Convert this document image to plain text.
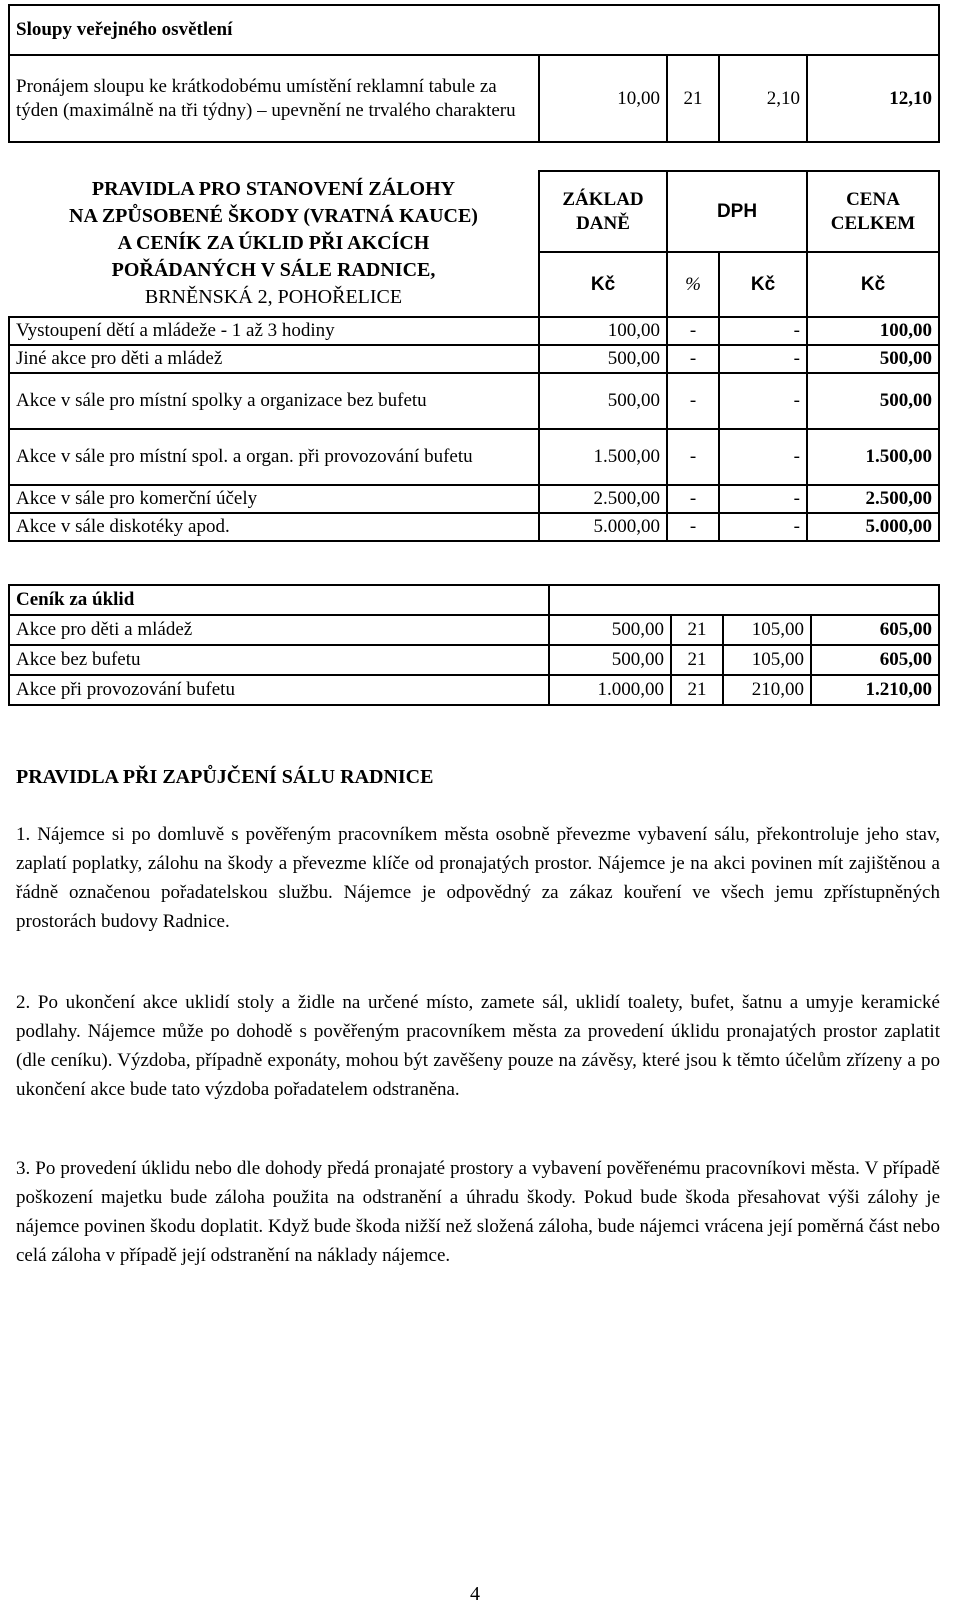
Sloupy veřejného osvětlení
Pronájem sloupu ke krátkodobému umístění reklamní tabule za týden (maximálně na tři týdny) – upevnění ne trvalého charakteru	10,00	21	2,10	12,10
PRAVIDLA PRO STANOVENÍ ZÁLOHY
NA ZPŮSOBENÉ ŠKODY (VRATNÁ KAUCE)
A CENÍK ZA ÚKLID PŘI AKCÍCH
POŘÁDANÝCH V SÁLE RADNICE,
BRNĚNSKÁ 2, POHOŘELICE	ZÁKLAD DANĚ	DPH		CENA CELKEM
	Kč	%	Kč	Kč
Vystoupení dětí a mládeže - 1 až 3 hodiny	100,00	-	-	100,00
Jiné akce pro děti a mládež	500,00	-	-	500,00
Akce v sále pro místní spolky a organizace bez bufetu	500,00	-	-	500,00
Akce v sále pro místní spol. a organ. při provozování bufetu	1.500,00	-	-	1.500,00
Akce v sále pro komerční účely	2.500,00	-	-	2.500,00
Akce v sále diskotéky apod.	5.000,00	-	-	5.000,00
Ceník za úklid				
Akce pro děti a mládež	500,00	21	105,00	605,00
Akce bez bufetu	500,00	21	105,00	605,00
Akce při provozování bufetu	1.000,00	21	210,00	1.210,00
PRAVIDLA PŘI ZAPŮJČENÍ SÁLU RADNICE

1. Nájemce si po domluvě s pověřeným pracovníkem města osobně převezme vybavení sálu, překontroluje jeho stav, zaplatí poplatky, zálohu na škody a převezme klíče od pronajatých prostor. Nájemce je na akci povinen mít zajištěnou a řádně označenou pořadatelskou službu. Nájemce je odpovědný za zákaz kouření ve všech jemu zpřístupněných prostorách budovy Radnice.

2. Po ukončení akce uklidí stoly a židle na určené místo, zamete sál, uklidí toalety, bufet, šatnu a umyje keramické podlahy. Nájemce může po dohodě s pověřeným pracovníkem města za provedení úklidu pronajatých prostor zaplatit (dle ceníku). Výzdoba, případně exponáty, mohou být zavěšeny pouze na závěsy, které jsou k těmto účelům zřízeny a po ukončení akce bude tato výzdoba pořadatelem odstraněna.

3. Po provedení úklidu nebo dle dohody předá pronajaté prostory a vybavení pověřenému pracovníkovi města. V případě poškození majetku bude záloha použita na odstranění a úhradu škody. Pokud bude škoda přesahovat výši zálohy je nájemce povinen škodu doplatit. Když bude škoda nižší než složená záloha, bude nájemci vrácena její poměrná část nebo celá záloha v případě její odstranění na náklady nájemce.

4
